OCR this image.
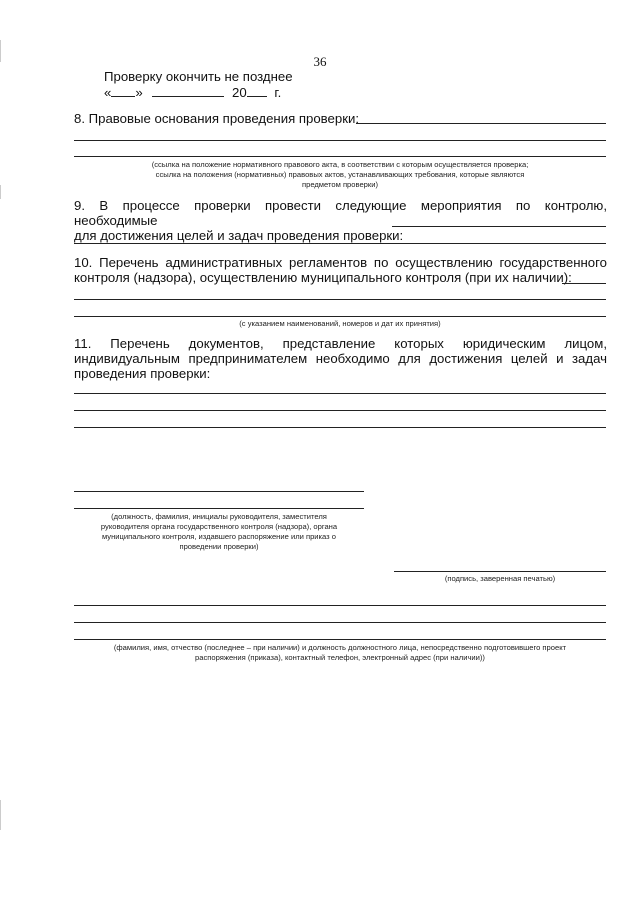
36
Проверку окончить не позднее
« »	20 г.
8. Правовые основания проведения проверки:
(ссылка на положение нормативного правового акта, в соответствии с которым осуществляется проверка;
ссылка на положения (нормативных) правовых актов, устанавливающих требования, которые являются
предметом проверки)
9. В процессе проверки провести следующие мероприятия по контролю, необходимые
для достижения целей и задач проведения проверки:
10. Перечень административных регламентов по осуществлению государственного
контроля (надзора), осуществлению муниципального контроля (при их наличии):
(с указанием наименований, номеров и дат их принятия)
11. Перечень документов, представление которых юридическим лицом,
индивидуальным предпринимателем необходимо для достижения целей и задач
проведения проверки:
(должность, фамилия, инициалы руководителя, заместителя
руководителя органа государственного контроля (надзора), органа
муниципального контроля, издавшего распоряжение или приказ о
проведении проверки)
(подпись, заверенная печатью)
(фамилия, имя, отчество (последнее – при наличии) и должность должностного лица, непосредственно подготовившего проект
распоряжения (приказа), контактный телефон, электронный адрес (при наличии))
